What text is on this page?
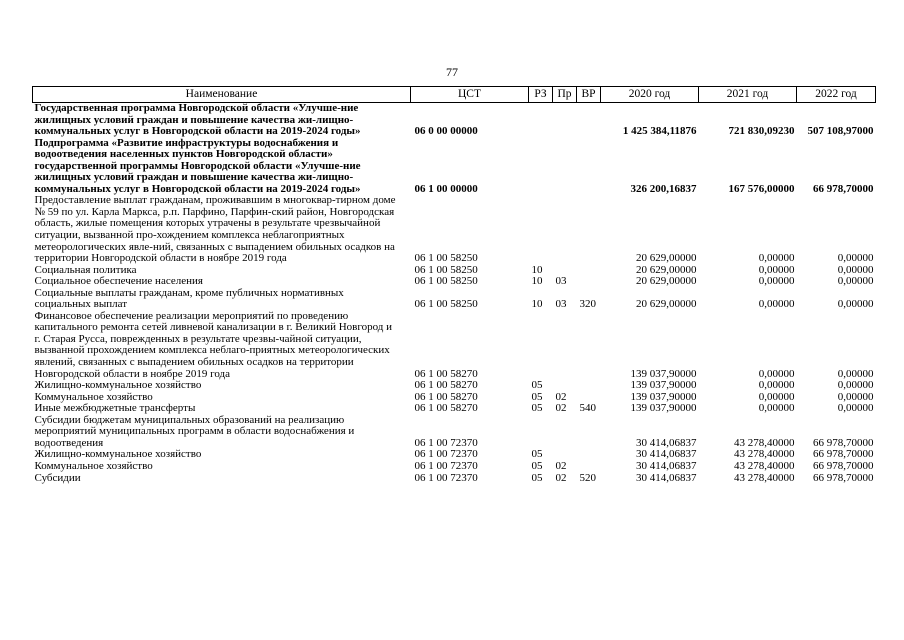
77
Наименование	ЦСТ	РЗ	Пр	ВР	2020 год	2021 год	2022 год
Государственная программа Новгородской области «Улучше-ние жилищных условий граждан и повышение качества жи-лищно-коммунальных услуг в Новгородской области на 2019-2024 годы»	06 0 00 00000				1 425 384,11876	721 830,09230	507 108,97000
Подпрограмма «Развитие инфраструктуры водоснабжения и водоотведения населенных пунктов Новгородской области» государственной программы Новгородской области «Улучше-ние жилищных условий граждан и повышение качества жи-лищно-коммунальных услуг в Новгородской области на 2019-2024 годы»	06 1 00 00000				326 200,16837	167 576,00000	66 978,70000
Предоставление выплат гражданам, проживавшим в многоквар-тирном доме № 59 по ул. Карла Маркса, р.п. Парфино, Парфин-ский район, Новгородская область, жилые помещения которых утрачены в результате чрезвычайной ситуации, вызванной про-хождением комплекса неблагоприятных метеорологических явле-ний, связанных с выпадением обильных осадков на территории Новгородской области в ноябре 2019 года	06 1 00 58250				20 629,00000	0,00000	0,00000
Социальная политика	06 1 00 58250	10			20 629,00000	0,00000	0,00000
Социальное обеспечение населения	06 1 00 58250	10	03		20 629,00000	0,00000	0,00000
Социальные выплаты гражданам, кроме публичных нормативных социальных выплат	06 1 00 58250	10	03	320	20 629,00000	0,00000	0,00000
Финансовое обеспечение реализации мероприятий по проведению капитального ремонта сетей ливневой канализации в г. Великий Новгород и г. Старая Русса, поврежденных в результате чрезвы-чайной ситуации, вызванной прохождением комплекса неблаго-приятных метеорологических явлений, связанных с выпадением обильных осадков на территории Новгородской области в ноябре 2019 года	06 1 00 58270				139 037,90000	0,00000	0,00000
Жилищно-коммунальное хозяйство	06 1 00 58270	05			139 037,90000	0,00000	0,00000
Коммунальное хозяйство	06 1 00 58270	05	02		139 037,90000	0,00000	0,00000
Иные межбюджетные трансферты	06 1 00 58270	05	02	540	139 037,90000	0,00000	0,00000
Субсидии бюджетам муниципальных образований на реализацию мероприятий муниципальных программ в области водоснабжения и водоотведения	06 1 00 72370				30 414,06837	43 278,40000	66 978,70000
Жилищно-коммунальное хозяйство	06 1 00 72370	05			30 414,06837	43 278,40000	66 978,70000
Коммунальное хозяйство	06 1 00 72370	05	02		30 414,06837	43 278,40000	66 978,70000
Субсидии	06 1 00 72370	05	02	520	30 414,06837	43 278,40000	66 978,70000
